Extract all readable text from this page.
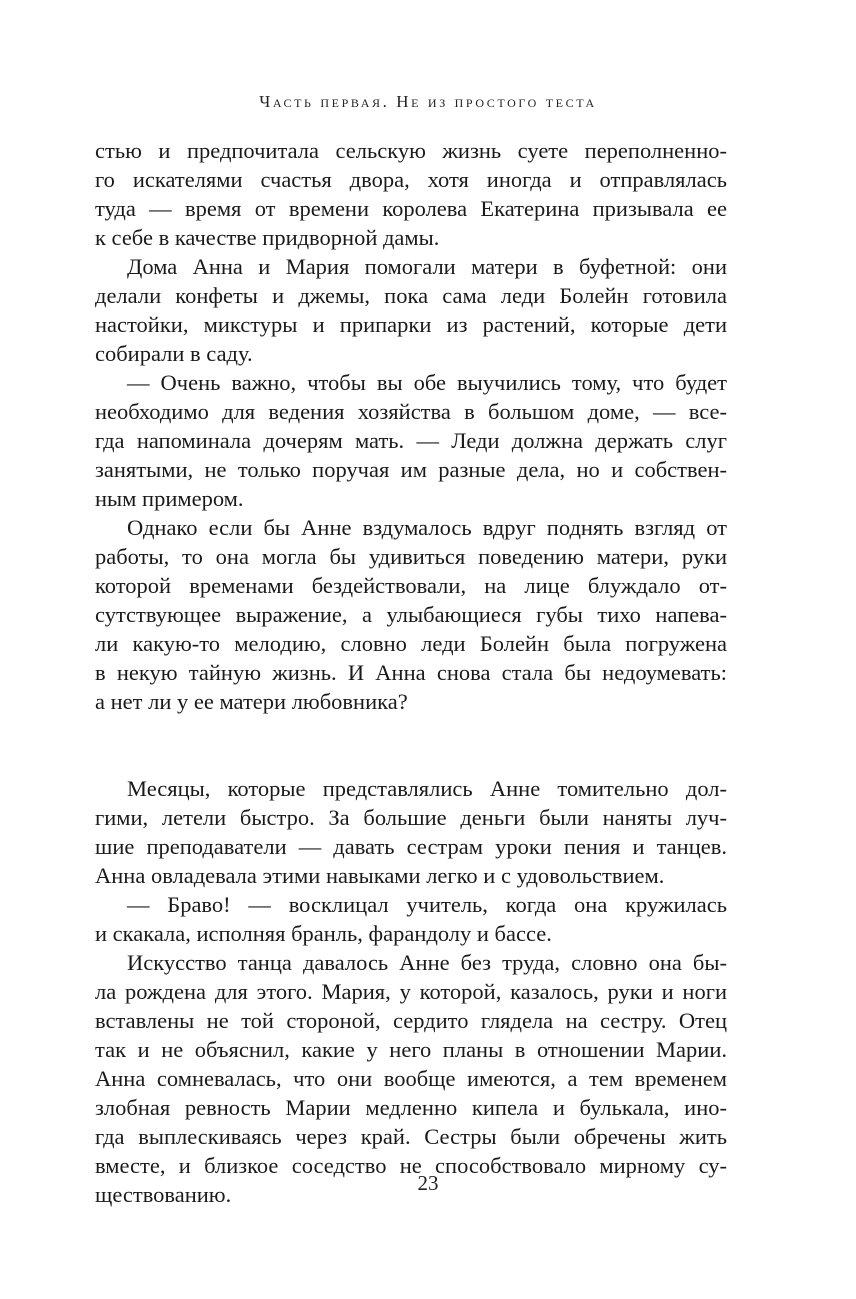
Часть первая. Не из простого теста
стью и предпочитала сельскую жизнь суете переполненно-
го искателями счастья двора, хотя иногда и отправлялась
туда — время от времени королева Екатерина призывала ее
к себе в качестве придворной дамы.
Дома Анна и Мария помогали матери в буфетной: они
делали конфеты и джемы, пока сама леди Болейн готовила
настойки, микстуры и припарки из растений, которые дети
собирали в саду.
— Очень важно, чтобы вы обе выучились тому, что будет
необходимо для ведения хозяйства в большом доме, — все-
гда напоминала дочерям мать. — Леди должна держать слуг
занятыми, не только поручая им разные дела, но и собствен-
ным примером.
Однако если бы Анне вздумалось вдруг поднять взгляд от
работы, то она могла бы удивиться поведению матери, руки
которой временами бездействовали, на лице блуждало от-
сутствующее выражение, а улыбающиеся губы тихо напева-
ли какую-то мелодию, словно леди Болейн была погружена
в некую тайную жизнь. И Анна снова стала бы недоумевать:
а нет ли у ее матери любовника?
Месяцы, которые представлялись Анне томительно дол-
гими, летели быстро. За большие деньги были наняты луч-
шие преподаватели — давать сестрам уроки пения и танцев.
Анна овладевала этими навыками легко и с удовольствием.
— Браво! — восклицал учитель, когда она кружилась
и скакала, исполняя бранль, фарандолу и бассе.
Искусство танца давалось Анне без труда, словно она бы-
ла рождена для этого. Мария, у которой, казалось, руки и ноги
вставлены не той стороной, сердито глядела на сестру. Отец
так и не объяснил, какие у него планы в отношении Марии.
Анна сомневалась, что они вообще имеются, а тем временем
злобная ревность Марии медленно кипела и булькала, ино-
гда выплескиваясь через край. Сестры были обречены жить
вместе, и близкое соседство не способствовало мирному су-
ществованию.	23
